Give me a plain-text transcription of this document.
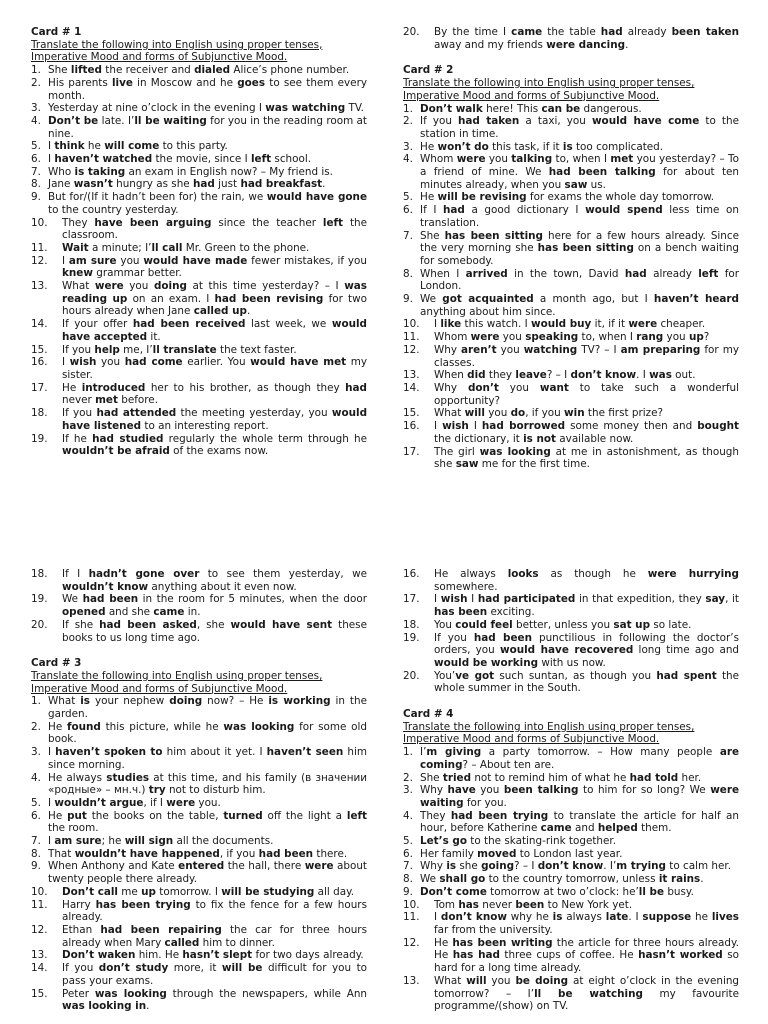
Card # 1
Translate the following into English using proper tenses, Imperative Mood and forms of Subjunctive Mood.
1. She lifted the receiver and dialed Alice’s phone number.
2. His parents live in Moscow and he goes to see them every month.
3. Yesterday at nine o’clock in the evening I was watching TV.
4. Don’t be late. I’ll be waiting for you in the reading room at nine.
5. I think he will come to this party.
6. I haven’t watched the movie, since I left school.
7. Who is taking an exam in English now? – My friend is.
8. Jane wasn’t hungry as she had just had breakfast.
9. But for/(If it hadn’t been for) the rain, we would have gone to the country yesterday.
10.	They have been arguing since the teacher left the classroom.
11.	Wait a minute; I’ll call Mr. Green to the phone.
12.	I am sure you would have made fewer mistakes, if you knew grammar better.
13.	What were you doing at this time yesterday? – I was reading up on an exam. I had been revising for two hours already when Jane called up.
14.	If your offer had been received last week, we would have accepted it.
15.	If you help me, I’ll translate the text faster.
16.	I wish you had come earlier. You would have met my sister.
17.	He introduced her to his brother, as though they had never met before.
18.	If you had attended the meeting yesterday, you would have listened to an interesting report.
19.	If he had studied regularly the whole term through he wouldn’t be afraid of the exams now.
20.	By the time I came the table had already been taken away and my friends were dancing.
Card # 2
Translate the following into English using proper tenses, Imperative Mood and forms of Subjunctive Mood.
1. Don’t walk here! This can be dangerous.
2. If you had taken a taxi, you would have come to the station in time.
3. He won’t do this task, if it is too complicated.
4. Whom were you talking to, when I met you yesterday? – To a friend of mine. We had been talking for about ten minutes already, when you saw us.
5. He will be revising for exams the whole day tomorrow.
6. If I had a good dictionary I would spend less time on translation.
7. She has been sitting here for a few hours already. Since the very morning she has been sitting on a bench waiting for somebody.
8. When I arrived in the town, David had already left for London.
9. We got acquainted a month ago, but I haven’t heard anything about him since.
10.	I like this watch. I would buy it, if it were cheaper.
11.	Whom were you speaking to, when I rang you up?
12.	Why aren’t you watching TV? – I am preparing for my classes.
13.	When did they leave? – I don’t know. I was out.
14.	Why don’t you want to take such a wonderful opportunity?
15.	What will you do, if you win the first prize?
16.	I wish I had borrowed some money then and bought the dictionary, it is not available now.
17.	The girl was looking at me in astonishment, as though she saw me for the first time.
18.	If I hadn’t gone over to see them yesterday, we wouldn’t know anything about it even now.
19.	We had been in the room for 5 minutes, when the door opened and she came in.
20.	If she had been asked, she would have sent these books to us long time ago.
Card # 3
Translate the following into English using proper tenses, Imperative Mood and forms of Subjunctive Mood.
1. What is your nephew doing now? – He is working in the garden.
2. He found this picture, while he was looking for some old book.
3. I haven’t spoken to him about it yet. I haven’t seen him since morning.
4. He always studies at this time, and his family (в значении «родные» – мн.ч.) try not to disturb him.
5. I wouldn’t argue, if I were you.
6. He put the books on the table, turned off the light a left the room.
7. I am sure; he will sign all the documents.
8. That wouldn’t have happened, if you had been there.
9. When Anthony and Kate entered the hall, there were about twenty people there already.
10.	Don’t call me up tomorrow. I will be studying all day.
11.	Harry has been trying to fix the fence for a few hours already.
12.	Ethan had been repairing the car for three hours already when Mary called him to dinner.
13.	Don’t waken him. He hasn’t slept for two days already.
14.	If you don’t study more, it will be difficult for you to pass your exams.
15.	Peter was looking through the newspapers, while Ann was looking in.
16.	He always looks as though he were hurrying somewhere.
17.	I wish I had participated in that expedition, they say, it has been exciting.
18.	You could feel better, unless you sat up so late.
19.	If you had been punctilious in following the doctor’s orders, you would have recovered long time ago and would be working with us now.
20.	You’ve got such suntan, as though you had spent the whole summer in the South.
Card # 4
Translate the following into English using proper tenses, Imperative Mood and forms of Subjunctive Mood.
1. I’m giving a party tomorrow. – How many people are coming? – About ten are.
2. She tried not to remind him of what he had told her.
3. Why have you been talking to him for so long? We were waiting for you.
4. They had been trying to translate the article for half an hour, before Katherine came and helped them.
5. Let’s go to the skating-rink together.
6. Her family moved to London last year.
7. Why is she going? – I don’t know. I’m trying to calm her.
8. We shall go to the country tomorrow, unless it rains.
9. Don’t come tomorrow at two o’clock: he’ll be busy.
10.	Tom has never been to New York yet.
11.	I don’t know why he is always late. I suppose he lives far from the university.
12.	He has been writing the article for three hours already. He has had three cups of coffee. He hasn’t worked so hard for a long time already.
13.	What will you be doing at eight o’clock in the evening tomorrow? – I’ll be watching my favourite programme/(show) on TV.
